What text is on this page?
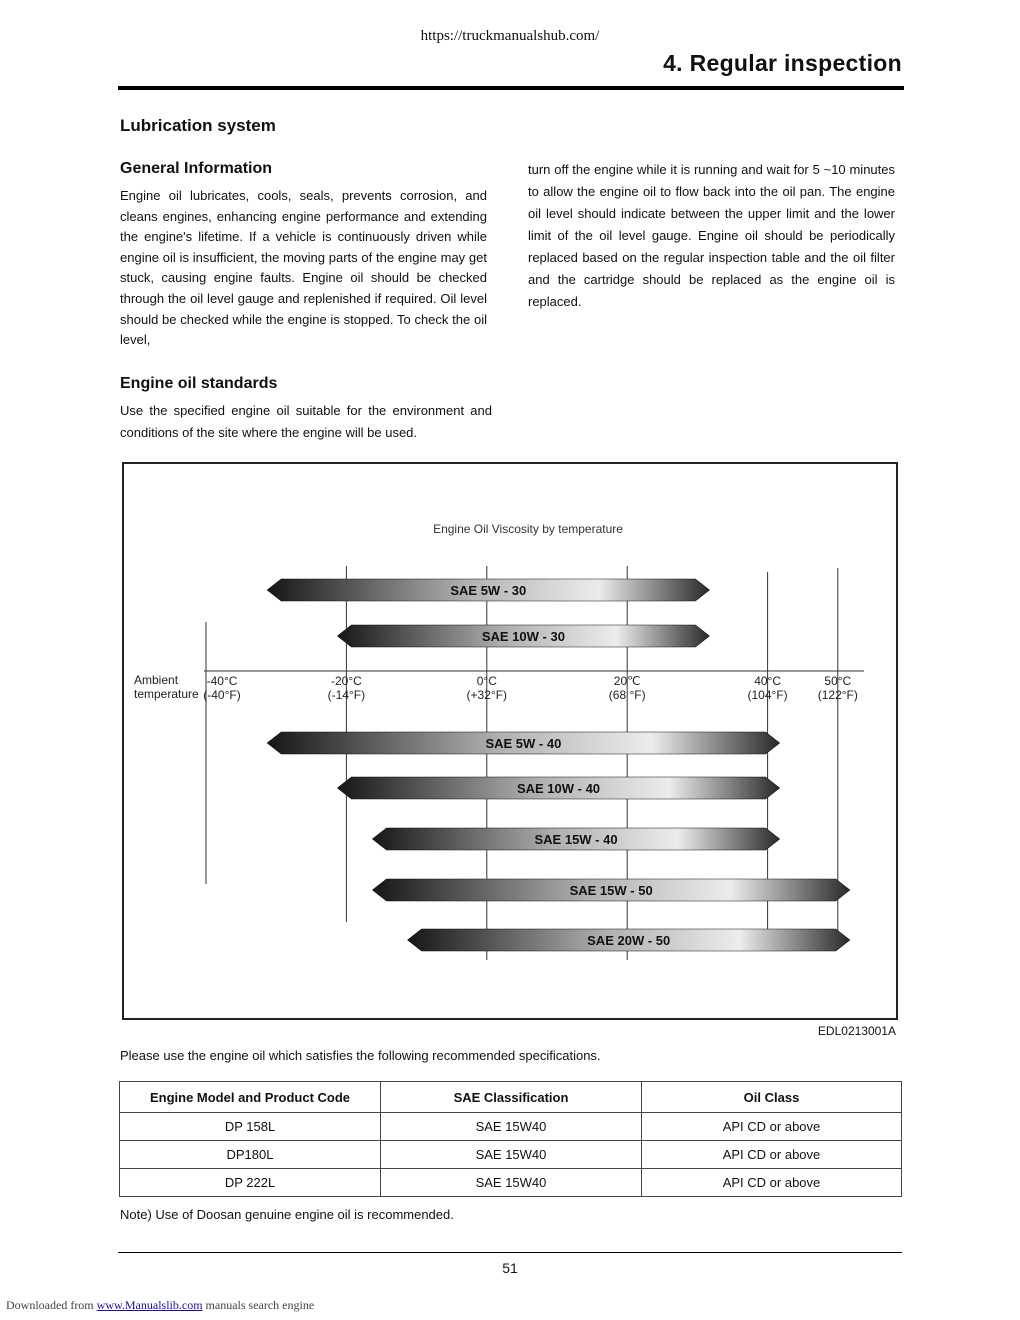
https://truckmanualshub.com/
4. Regular inspection
Lubrication system
General Information
Engine oil lubricates, cools, seals, prevents corrosion, and cleans engines, enhancing engine performance and extending the engine's lifetime. If a vehicle is continuously driven while engine oil is insufficient, the moving parts of the engine may get stuck, causing engine faults. Engine oil should be checked through the oil level gauge and replenished if required. Oil level should be checked while the engine is stopped. To check the oil level,
turn off the engine while it is running and wait for 5 ~10 minutes to allow the engine oil to flow back into the oil pan. The engine oil level should indicate between the upper limit and the lower limit of the oil level gauge. Engine oil should be periodically replaced based on the regular inspection table and the oil filter and the cartridge should be replaced as the engine oil is replaced.
Engine oil standards
Use the specified engine oil suitable for the environment and conditions of the site where the engine will be used.
Engine Oil Viscosity by temperature
Ambient
temperature
-40°C
(-40°F)
-20°C
(-14°F)
0°C
(+32°F)
20℃
(68 °F)
40°C
(104°F)
50°C
(122°F)
SAE 5W - 30
SAE 10W - 30
SAE 5W - 40
SAE 10W - 40
SAE 15W - 40
SAE 15W - 50
SAE 20W - 50
EDL0213001A
Please use the engine oil which satisfies the following recommended specifications.
Engine Model and Product Code	SAE Classification	Oil Class
DP 158L	SAE 15W40	API CD or above
DP180L	SAE 15W40	API CD or above
DP 222L	SAE 15W40	API CD or above
Note) Use of Doosan genuine engine oil is recommended.
51
Downloaded from www.Manualslib.com manuals search engine
